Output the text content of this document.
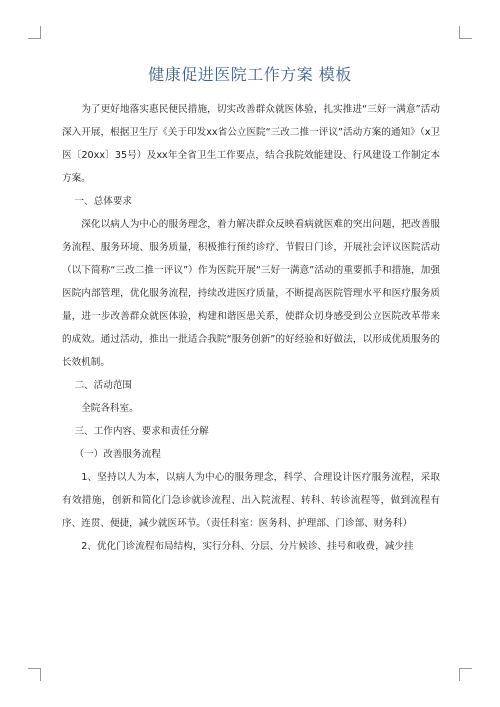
健康促进医院工作方案 模板

为了更好地落实惠民便民措施，切实改善群众就医体验，扎实推进“三好一满意”活动深入开展，根据卫生厅《关于印发xx省公立医院“三改二推一评议”活动方案的通知》（x卫医〔20xx〕35号）及xx年全省卫生工作要点，结合我院效能建设、行风建设工作制定本方案。

一、总体要求

深化以病人为中心的服务理念，着力解决群众反映看病就医难的突出问题，把改善服务流程、服务环境、服务质量，积极推行预约诊疗、节假日门诊，开展社会评议医院活动（以下简称“三改二推一评议”）作为医院开展“三好一满意”活动的重要抓手和措施，加强医院内部管理，优化服务流程，持续改进医疗质量，不断提高医院管理水平和医疗服务质量，进一步改善群众就医体验，构建和谐医患关系，使群众切身感受到公立医院改革带来的成效。通过活动，推出一批适合我院“服务创新”的好经验和好做法，以形成优质服务的长效机制。

二、活动范围

全院各科室。

三、工作内容、要求和责任分解

（一）改善服务流程

1、坚持以人为本，以病人为中心的服务理念，科学、合理设计医疗服务流程，采取有效措施，创新和简化门急诊就诊流程、出入院流程、转科、转诊流程等，做到流程有序、连贯、便捷，减少就医环节。（责任科室：医务科、护理部、门诊部、财务科）

2、优化门诊流程布局结构，实行分科、分层、分片候诊、挂号和收费，减少挂
